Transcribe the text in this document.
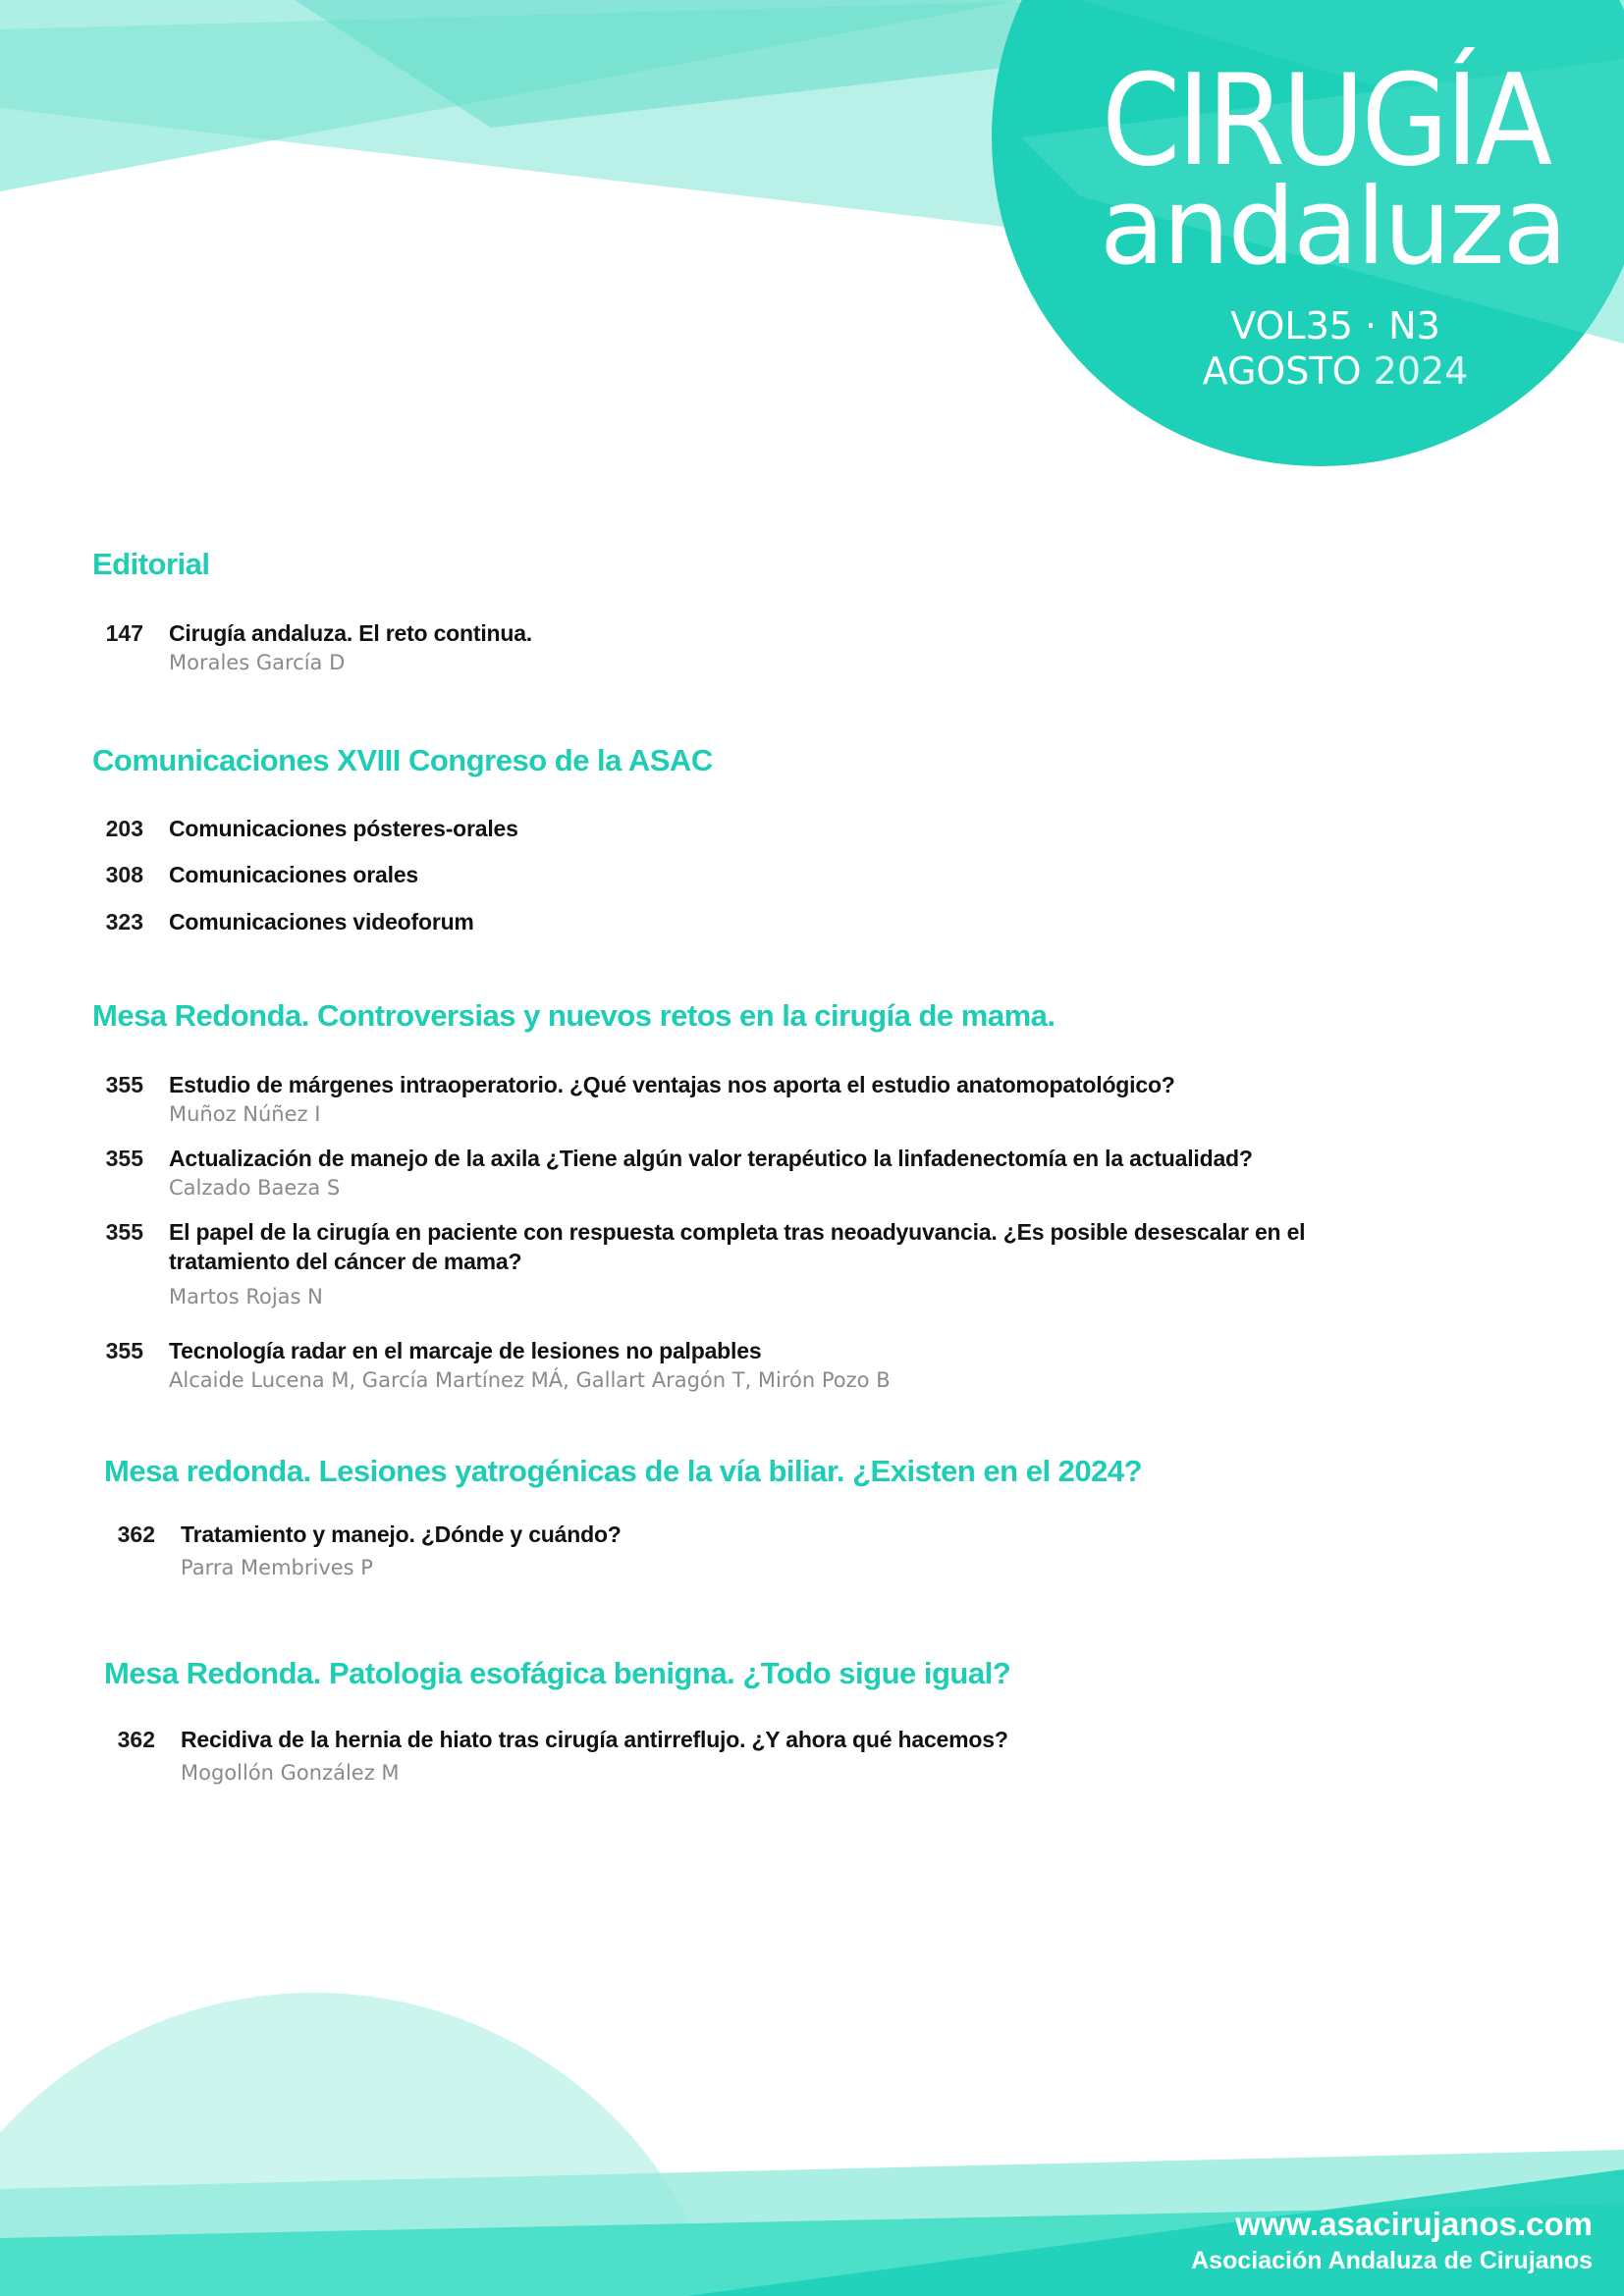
CIRUGÍA
andaluza
VOL35 · N3
AGOSTO 2024
Editorial
147 Cirugía andaluza. El reto continua.
Morales García D
Comunicaciones XVIII Congreso de la ASAC
203 Comunicaciones pósteres-orales
308 Comunicaciones orales
323 Comunicaciones videoforum
Mesa Redonda. Controversias y nuevos retos en la cirugía de mama.
355 Estudio de márgenes intraoperatorio. ¿Qué ventajas nos aporta el estudio anatomopatológico?
Muñoz Núñez I
355 Actualización de manejo de la axila ¿Tiene algún valor terapéutico la linfadenectomía en la actualidad?
Calzado Baeza S
355 El papel de la cirugía en paciente con respuesta completa tras neoadyuvancia. ¿Es posible desescalar en el
tratamiento del cáncer de mama?
Martos Rojas N
355 Tecnología radar en el marcaje de lesiones no palpables
Alcaide Lucena M, García Martínez MÁ, Gallart Aragón T, Mirón Pozo B
Mesa redonda. Lesiones yatrogénicas de la vía biliar. ¿Existen en el 2024?
362 Tratamiento y manejo. ¿Dónde y cuándo?
Parra Membrives P
Mesa Redonda. Patologia esofágica benigna. ¿Todo sigue igual?
362 Recidiva de la hernia de hiato tras cirugía antirreflujo. ¿Y ahora qué hacemos?
Mogollón González M
www.asacirujanos.com
Asociación Andaluza de Cirujanos
